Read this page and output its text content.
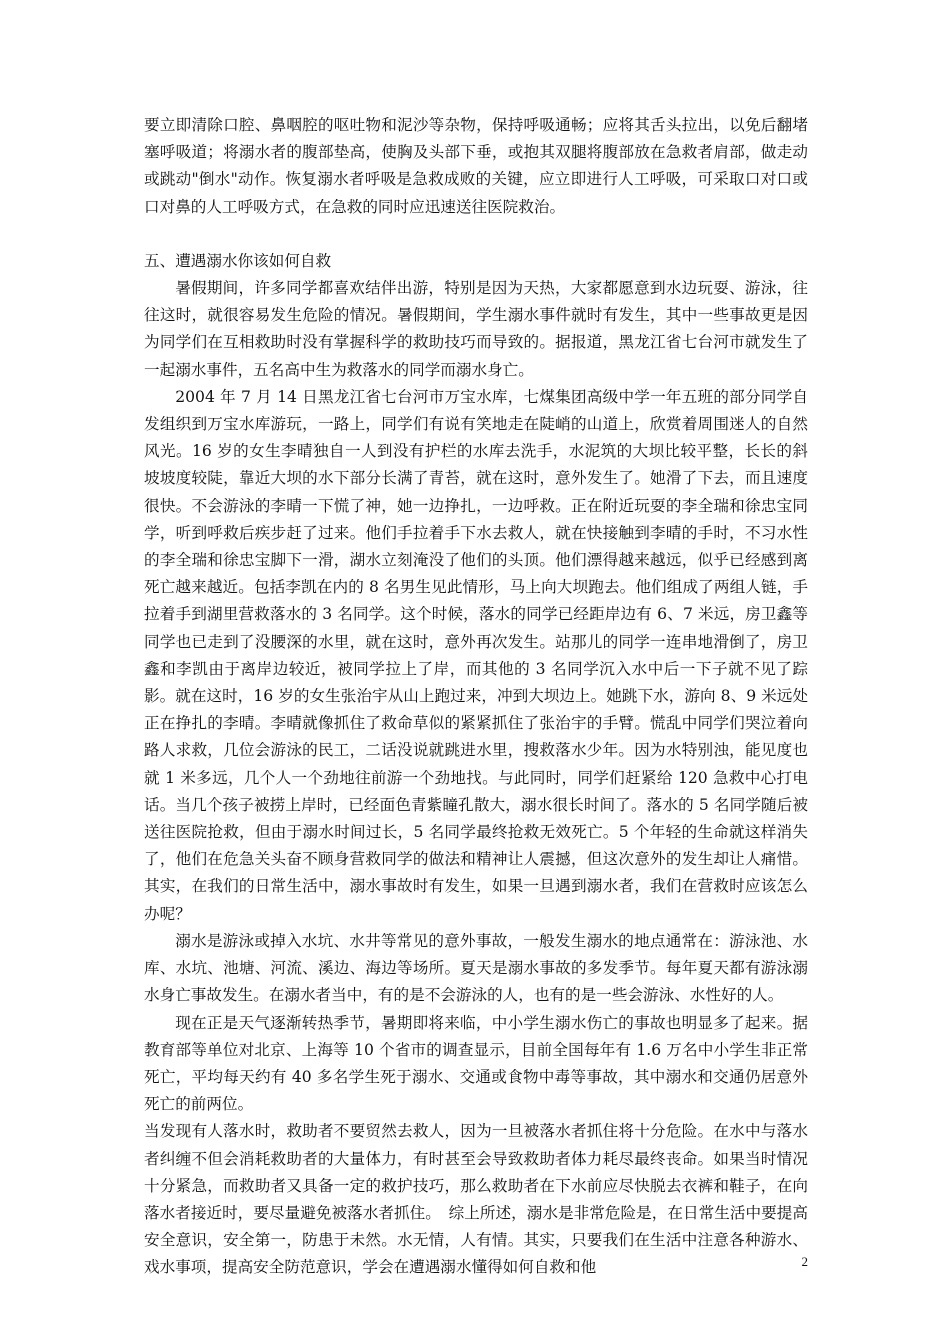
要立即清除口腔、鼻咽腔的呕吐物和泥沙等杂物，保持呼吸通畅；应将其舌头拉出，以免后翻堵塞呼吸道；将溺水者的腹部垫高，使胸及头部下垂，或抱其双腿将腹部放在急救者肩部，做走动或跳动"倒水"动作。恢复溺水者呼吸是急救成败的关键，应立即进行人工呼吸，可采取口对口或口对鼻的人工呼吸方式，在急救的同时应迅速送往医院救治。

五、遭遇溺水你该如何自救

暑假期间，许多同学都喜欢结伴出游，特别是因为天热，大家都愿意到水边玩耍、游泳，往往这时，就很容易发生危险的情况。暑假期间，学生溺水事件就时有发生，其中一些事故更是因为同学们在互相救助时没有掌握科学的救助技巧而导致的。据报道，黑龙江省七台河市就发生了一起溺水事件，五名高中生为救落水的同学而溺水身亡。

2004 年 7 月 14 日黑龙江省七台河市万宝水库，七煤集团高级中学一年五班的部分同学自发组织到万宝水库游玩，一路上，同学们有说有笑地走在陡峭的山道上，欣赏着周围迷人的自然风光。16 岁的女生李晴独自一人到没有护栏的水库去洗手，水泥筑的大坝比较平整，长长的斜坡坡度较陡，靠近大坝的水下部分长满了青苔，就在这时，意外发生了。她滑了下去，而且速度很快。不会游泳的李晴一下慌了神，她一边挣扎，一边呼救。正在附近玩耍的李全瑞和徐忠宝同学，听到呼救后疾步赶了过来。他们手拉着手下水去救人，就在快接触到李晴的手时，不习水性的李全瑞和徐忠宝脚下一滑，湖水立刻淹没了他们的头顶。他们漂得越来越远，似乎已经感到离死亡越来越近。包括李凯在内的 8 名男生见此情形，马上向大坝跑去。他们组成了两组人链，手拉着手到湖里营救落水的 3 名同学。这个时候，落水的同学已经距岸边有 6、7 米远，房卫鑫等同学也已走到了没腰深的水里，就在这时，意外再次发生。站那儿的同学一连串地滑倒了，房卫鑫和李凯由于离岸边较近，被同学拉上了岸，而其他的 3 名同学沉入水中后一下子就不见了踪影。就在这时，16 岁的女生张治宇从山上跑过来，冲到大坝边上。她跳下水，游向 8、9 米远处正在挣扎的李晴。李晴就像抓住了救命草似的紧紧抓住了张治宇的手臂。慌乱中同学们哭泣着向路人求救，几位会游泳的民工，二话没说就跳进水里，搜救落水少年。因为水特别浊，能见度也就 1 米多远，几个人一个劲地往前游一个劲地找。与此同时，同学们赶紧给 120 急救中心打电话。当几个孩子被捞上岸时，已经面色青紫瞳孔散大，溺水很长时间了。落水的 5 名同学随后被送往医院抢救，但由于溺水时间过长，5 名同学最终抢救无效死亡。5 个年轻的生命就这样消失了，他们在危急关头奋不顾身营救同学的做法和精神让人震撼，但这次意外的发生却让人痛惜。其实，在我们的日常生活中，溺水事故时有发生，如果一旦遇到溺水者，我们在营救时应该怎么办呢？

溺水是游泳或掉入水坑、水井等常见的意外事故，一般发生溺水的地点通常在：游泳池、水库、水坑、池塘、河流、溪边、海边等场所。夏天是溺水事故的多发季节。每年夏天都有游泳溺水身亡事故发生。在溺水者当中，有的是不会游泳的人，也有的是一些会游泳、水性好的人。

现在正是天气逐渐转热季节，暑期即将来临，中小学生溺水伤亡的事故也明显多了起来。据教育部等单位对北京、上海等 10 个省市的调查显示，目前全国每年有 1.6 万名中小学生非正常死亡，平均每天约有 40 多名学生死于溺水、交通或食物中毒等事故，其中溺水和交通仍居意外死亡的前两位。

当发现有人落水时，救助者不要贸然去救人，因为一旦被落水者抓住将十分危险。在水中与落水者纠缠不但会消耗救助者的大量体力，有时甚至会导致救助者体力耗尽最终丧命。如果当时情况十分紧急，而救助者又具备一定的救护技巧，那么救助者在下水前应尽快脱去衣裤和鞋子，在向落水者接近时，要尽量避免被落水者抓住。　综上所述，溺水是非常危险是，在日常生活中要提高安全意识，安全第一，防患于未然。水无情，人有情。其实，只要我们在生活中注意各种游水、戏水事项，提高安全防范意识，学会在遭遇溺水懂得如何自救和他	2
